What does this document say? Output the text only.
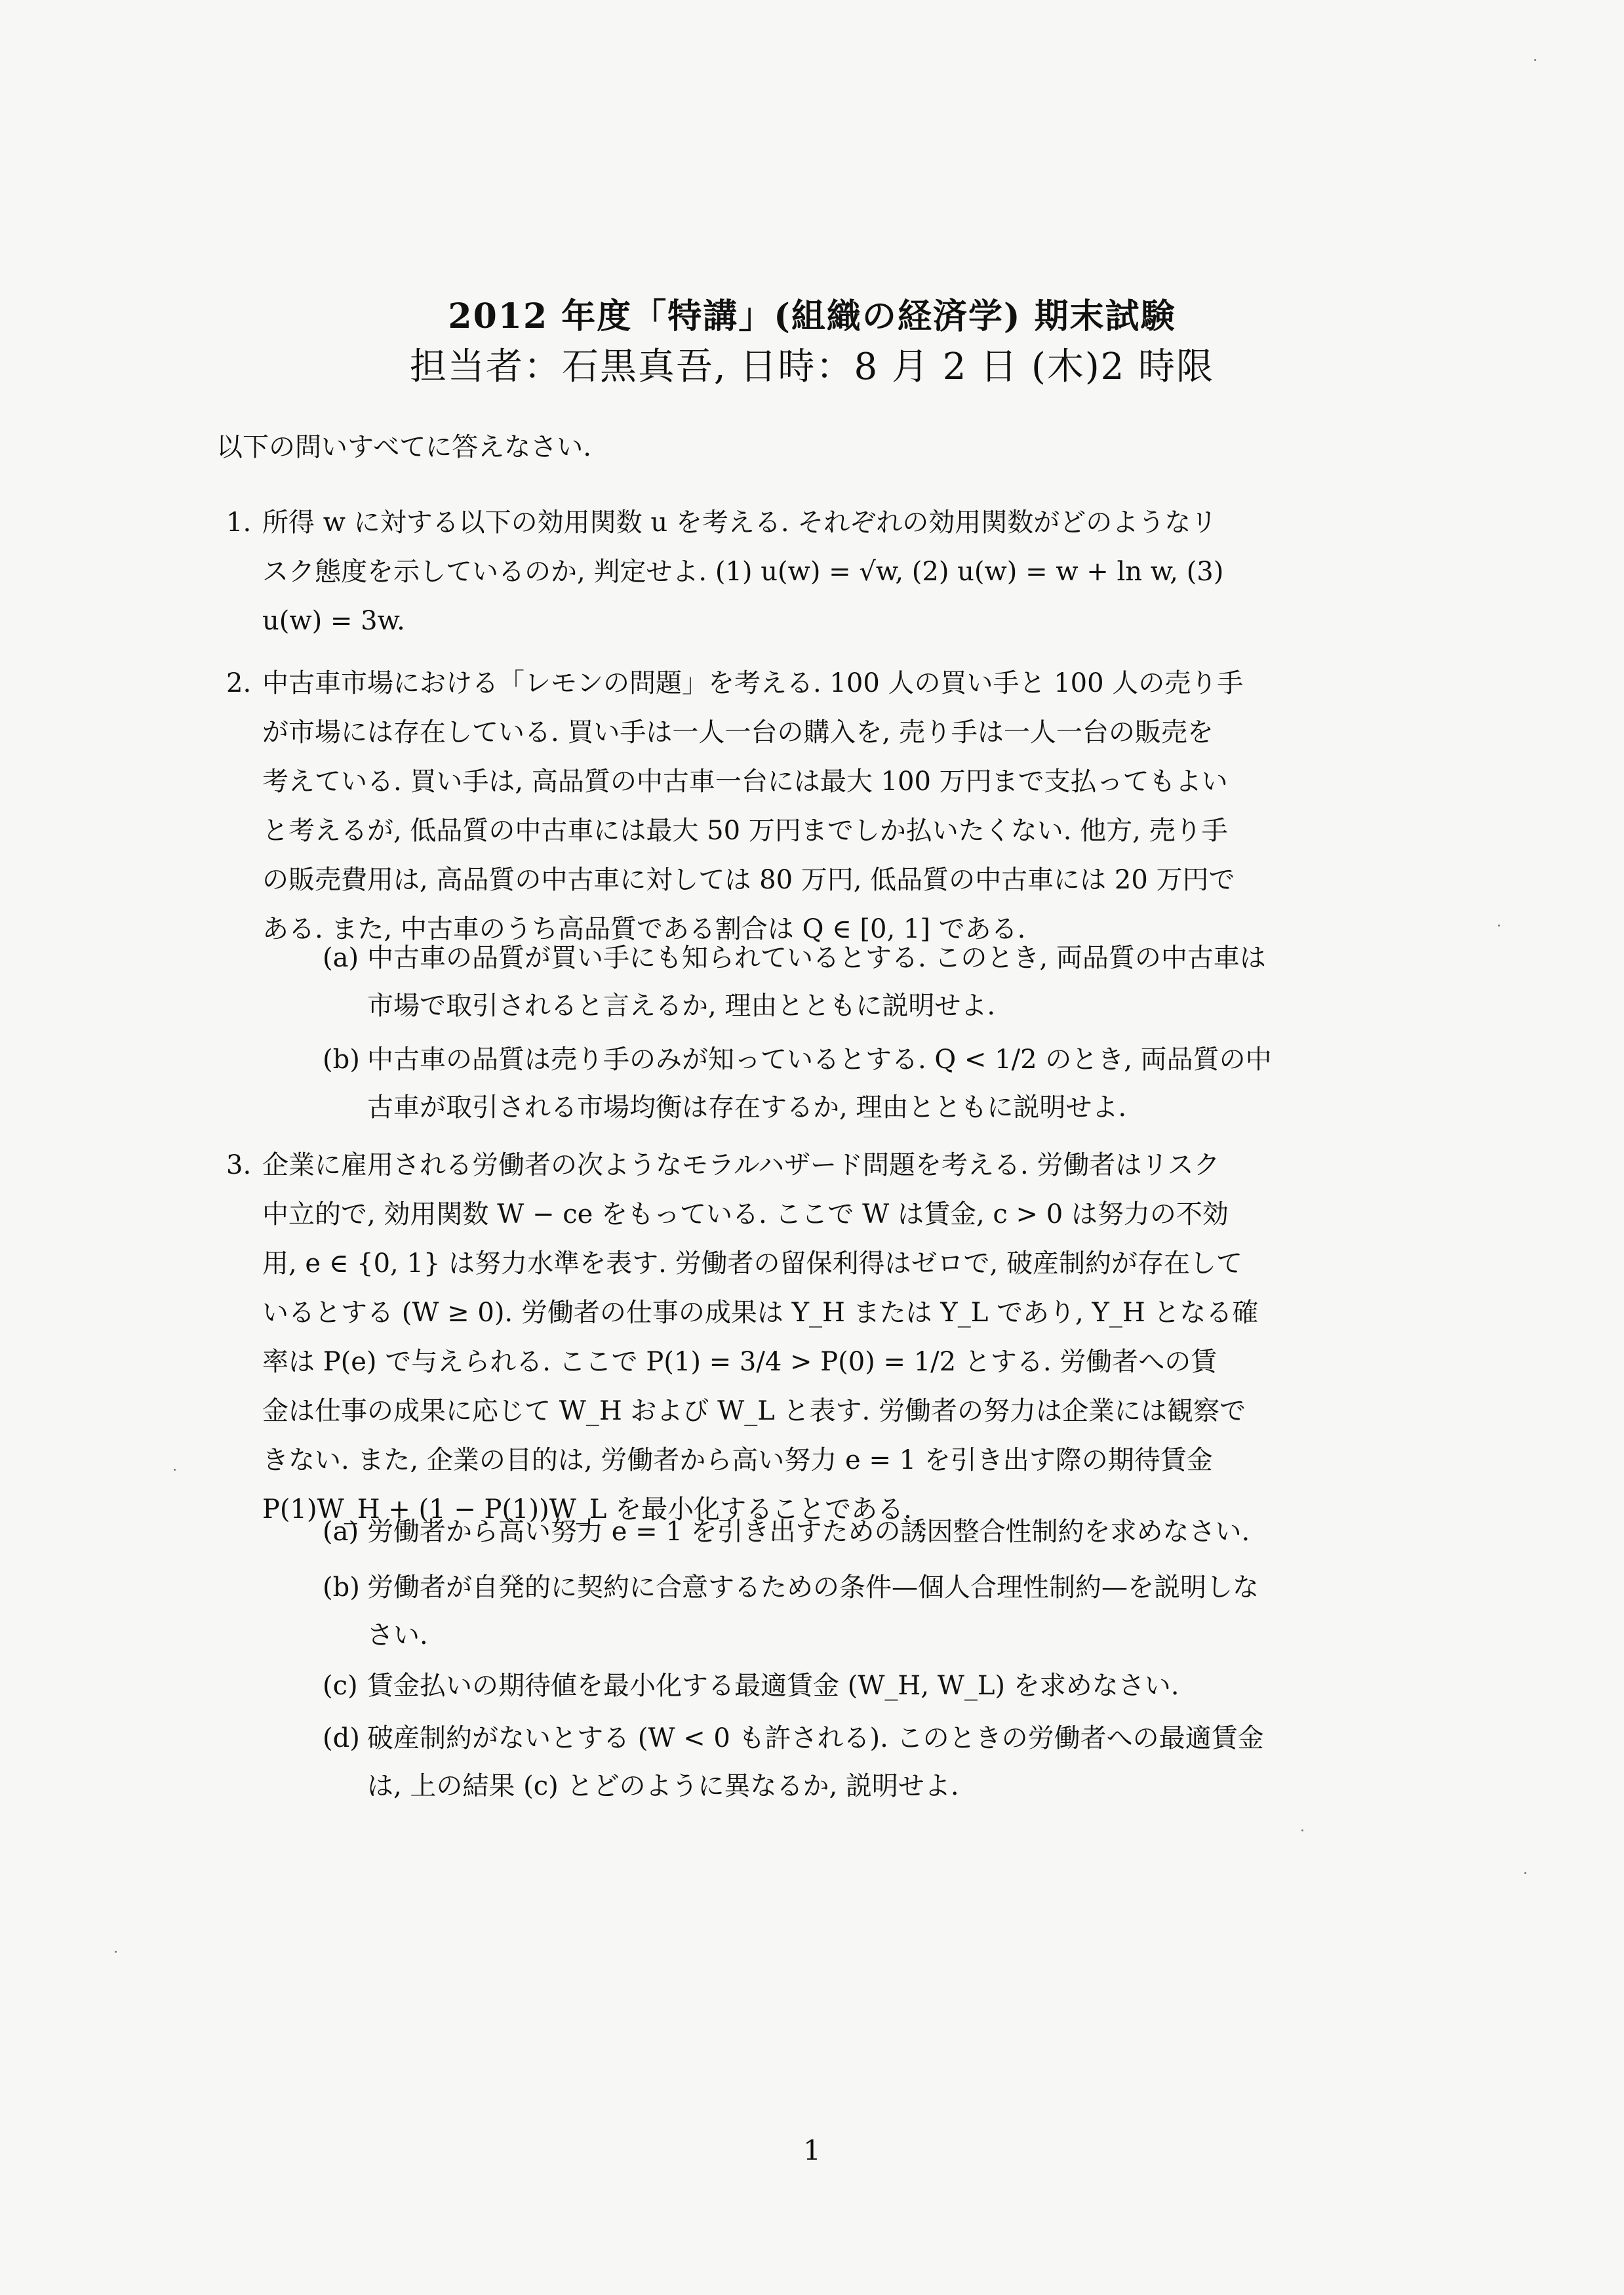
2012 年度「特講」(組織の経済学) 期末試験
担当者：石黒真吾, 日時：8 月 2 日 (木)2 時限
以下の問いすべてに答えなさい.
1. 所得 w に対する以下の効用関数 u を考える. それぞれの効用関数がどのようなリ

スク態度を示しているのか, 判定せよ. (1) u(w) = √w, (2) u(w) = w + ln w, (3)

u(w) = 3w.

2. 中古車市場における「レモンの問題」を考える. 100 人の買い手と 100 人の売り手

が市場には存在している. 買い手は一人一台の購入を, 売り手は一人一台の販売を

考えている. 買い手は, 高品質の中古車一台には最大 100 万円まで支払ってもよい

と考えるが, 低品質の中古車には最大 50 万円までしか払いたくない. 他方, 売り手

の販売費用は, 高品質の中古車に対しては 80 万円, 低品質の中古車には 20 万円で

ある. また, 中古車のうち高品質である割合は Q ∈ [0, 1] である.

(a) 中古車の品質が買い手にも知られているとする. このとき, 両品質の中古車は

市場で取引されると言えるか, 理由とともに説明せよ.

(b) 中古車の品質は売り手のみが知っているとする. Q < 1/2 のとき, 両品質の中

古車が取引される市場均衡は存在するか, 理由とともに説明せよ.

3. 企業に雇用される労働者の次ようなモラルハザード問題を考える. 労働者はリスク

中立的で, 効用関数 W − ce をもっている. ここで W は賃金, c > 0 は努力の不効

用, e ∈ {0, 1} は努力水準を表す. 労働者の留保利得はゼロで, 破産制約が存在して

いるとする (W ≥ 0). 労働者の仕事の成果は Y_H または Y_L であり, Y_H となる確

率は P(e) で与えられる. ここで P(1) = 3/4 > P(0) = 1/2 とする. 労働者への賃

金は仕事の成果に応じて W_H および W_L と表す. 労働者の努力は企業には観察で

きない. また, 企業の目的は, 労働者から高い努力 e = 1 を引き出す際の期待賃金

P(1)W_H + (1 − P(1))W_L を最小化することである.

(a) 労働者から高い努力 e = 1 を引き出すための誘因整合性制約を求めなさい.

(b) 労働者が自発的に契約に合意するための条件—個人合理性制約—を説明しな

さい.

(c) 賃金払いの期待値を最小化する最適賃金 (W_H, W_L) を求めなさい.

(d) 破産制約がないとする (W < 0 も許される). このときの労働者への最適賃金

は, 上の結果 (c) とどのように異なるか, 説明せよ.

1
